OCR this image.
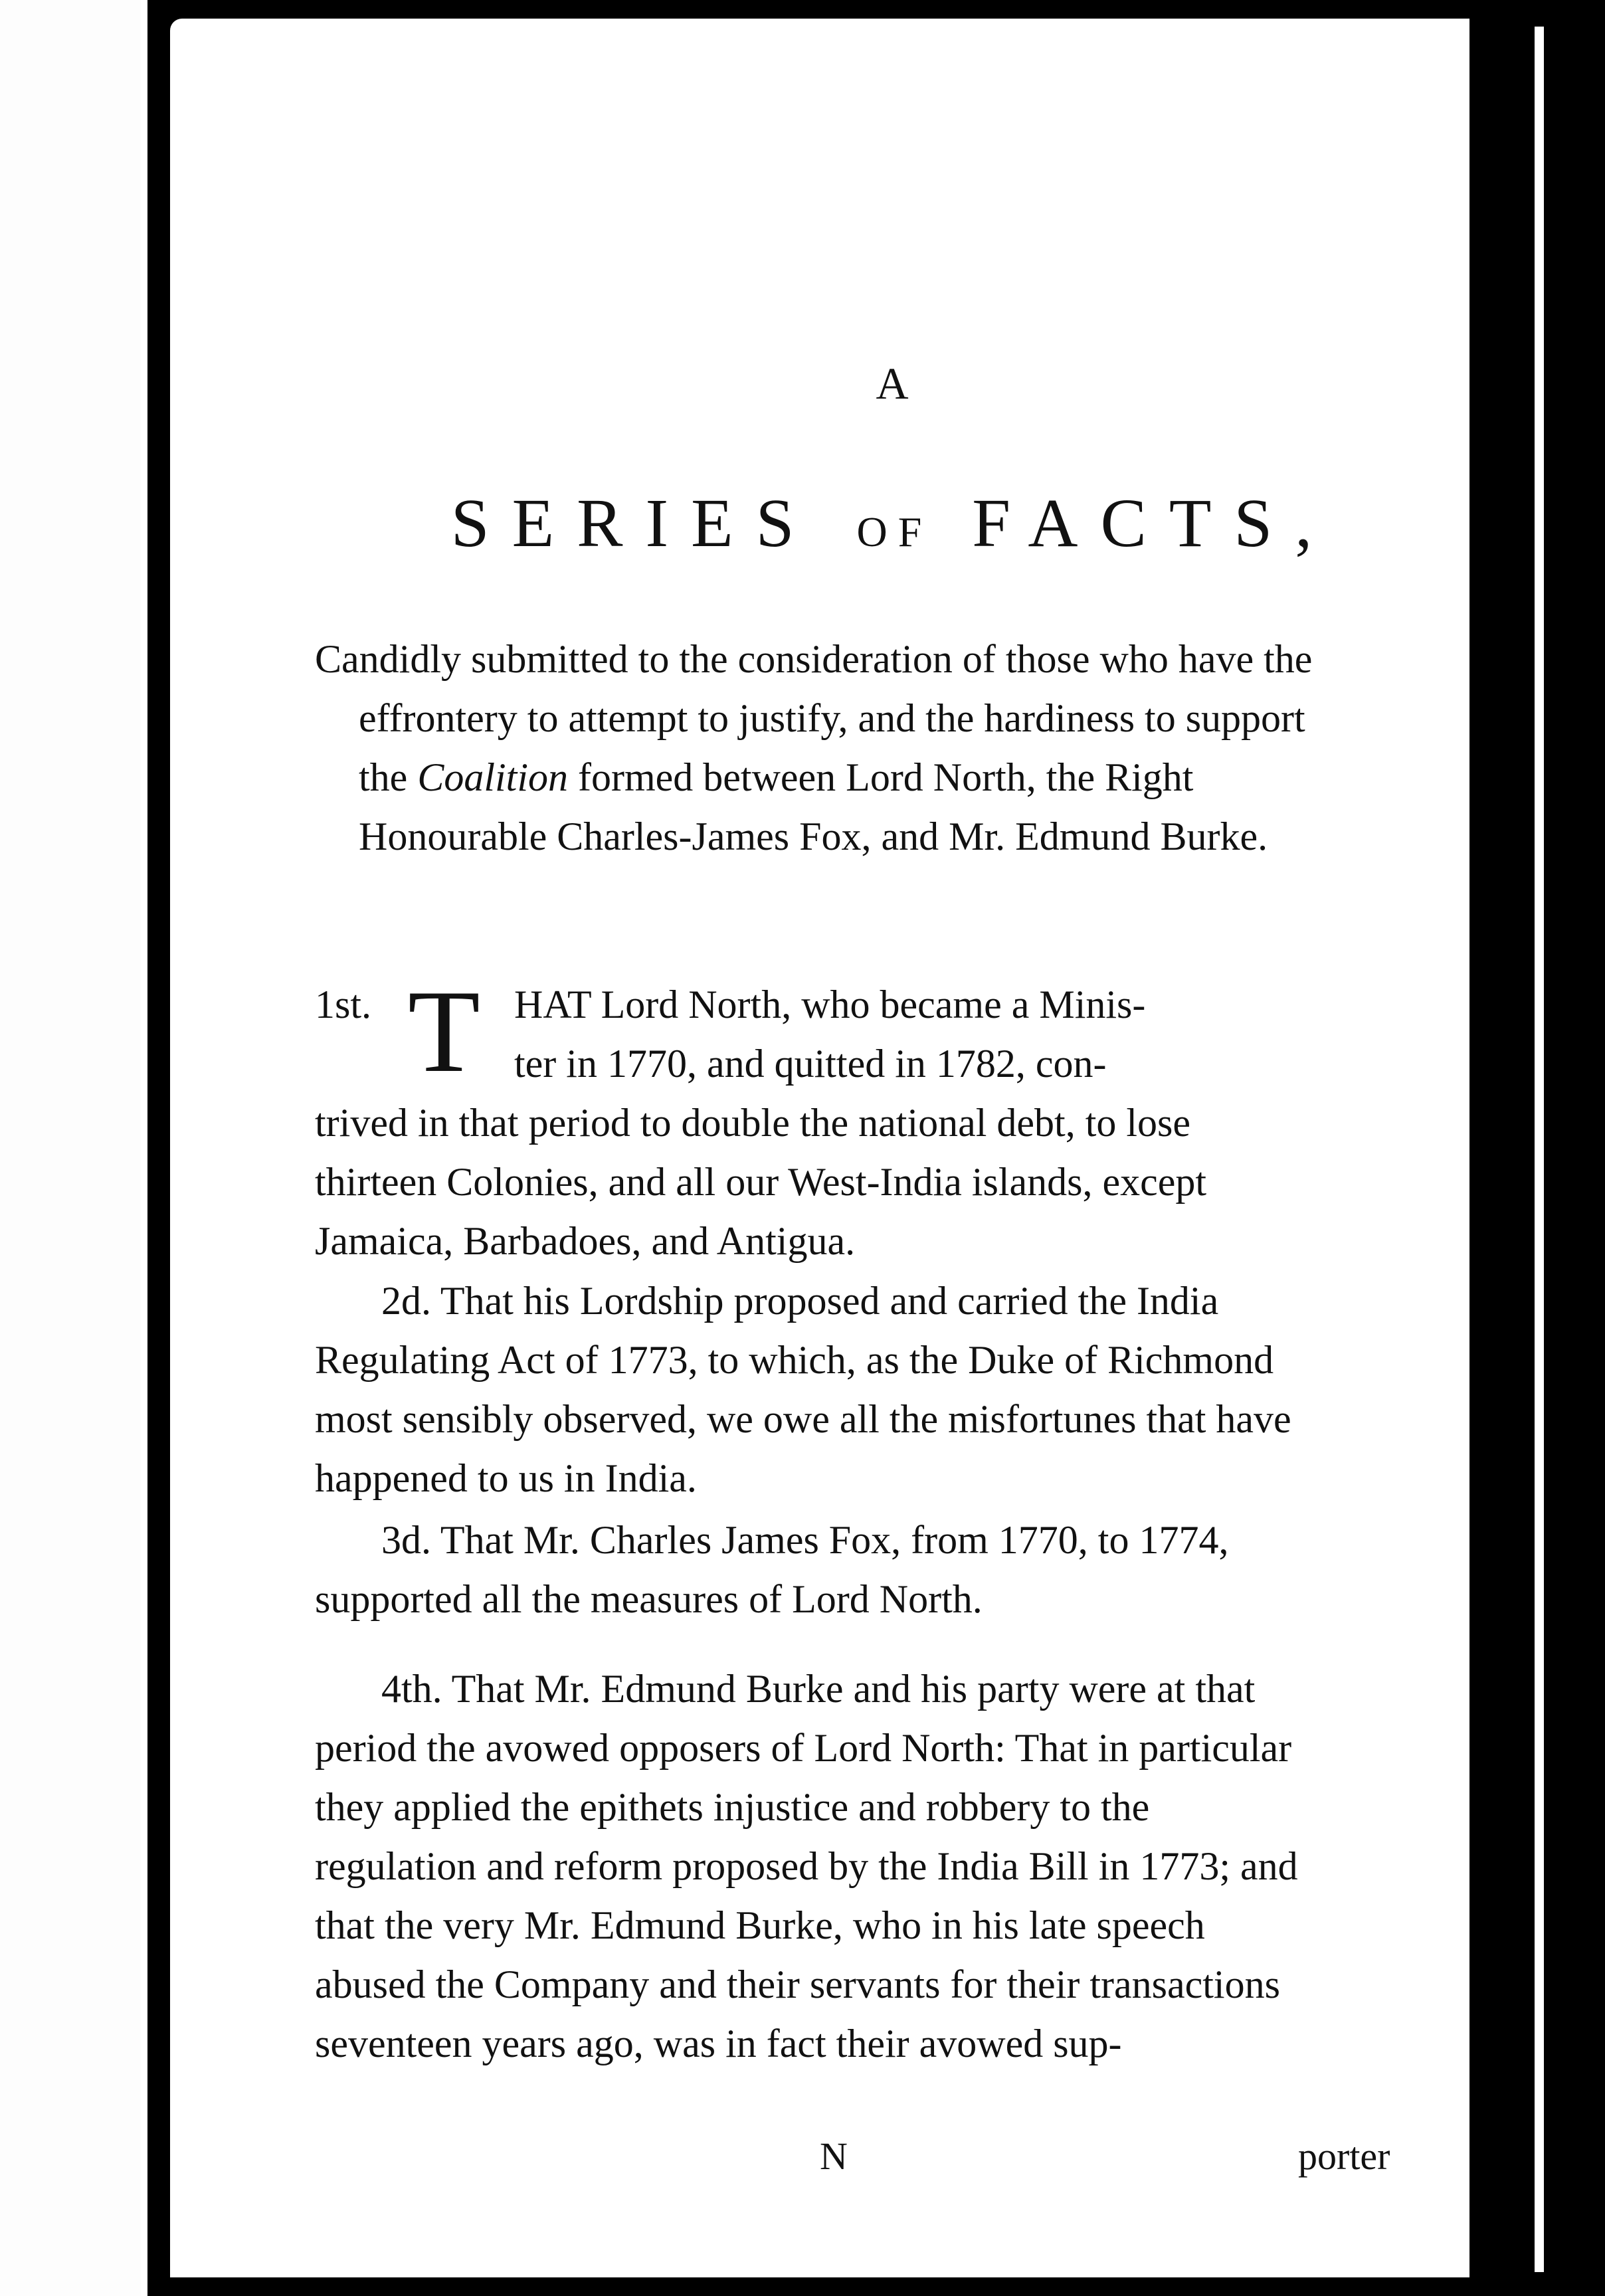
A
SERIES OF FACTS,
Candidly submitted to the consideration of those who have the effrontery to attempt to justify, and the hardiness to support the Coalition formed between Lord North, the Right Honourable Charles-James Fox, and Mr. Edmund Burke.
1st. T HAT Lord North, who became a Minis-
ter in 1770, and quitted in 1782, con-
trived in that period to double the national debt, to lose thirteen Colonies, and all our West-India islands, except Jamaica, Barbadoes, and Antigua.
2d. That his Lordship proposed and carried the India Regulating Act of 1773, to which, as the Duke of Richmond most sensibly observed, we owe all the misfortunes that have happened to us in India.
3d. That Mr. Charles James Fox, from 1770, to 1774, supported all the measures of Lord North.
4th. That Mr. Edmund Burke and his party were at that period the avowed opposers of Lord North: That in particular they applied the epithets injustice and robbery to the regulation and reform proposed by the India Bill in 1773; and that the very Mr. Edmund Burke, who in his late speech abused the Company and their servants for their transactions seventeen years ago, was in fact their avowed sup-
N	porter
